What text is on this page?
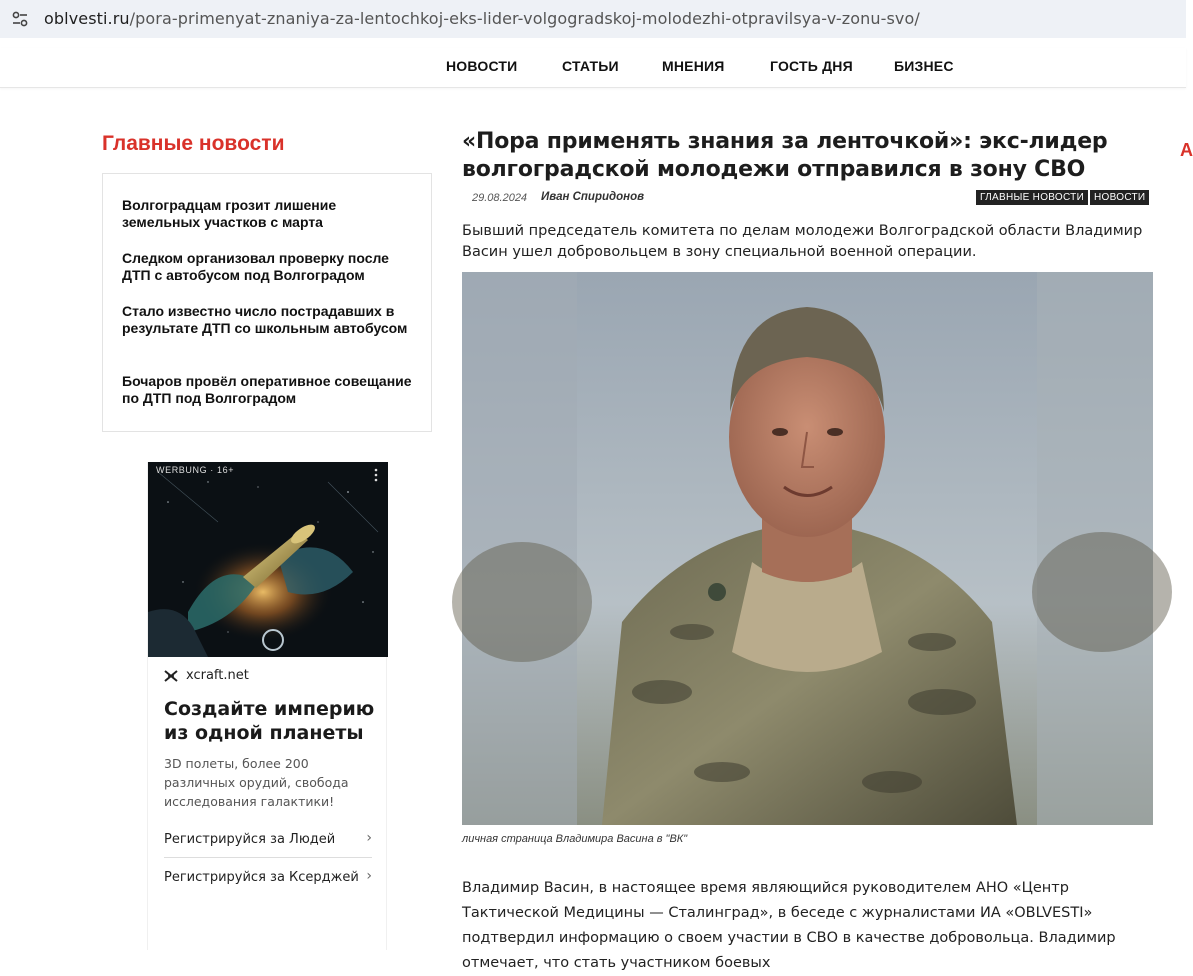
oblvesti.ru/pora-primenyat-znaniya-za-lentochkoj-eks-lider-volgogradskoj-molodezhi-otpravilsya-v-zonu-svo/
НОВОСТИ	СТАТЬИ	МНЕНИЯ	ГОСТЬ ДНЯ	БИЗНЕС
Главные новости
Волгоградцам грозит лишение земельных участков с марта
Следком организовал проверку после ДТП с автобусом под Волгоградом
Стало известно число пострадавших в результате ДТП со школьным автобусом
Бочаров провёл оперативное совещание по ДТП под Волгоградом
WERBUNG · 16+
xcraft.net
Создайте империю из одной планеты
3D полеты, более 200 различных орудий, свобода исследования галактики!
Регистрируйся за Людей ›
Регистрируйся за Ксерджей ›
«Пора применять знания за ленточкой»: экс-лидер волгоградской молодежи отправился в зону СВО
29.08.2024 Иван Спиридонов	ГЛАВНЫЕ НОВОСТИ НОВОСТИ

Бывший председатель комитета по делам молодежи Волгоградской области Владимир Васин ушел добровольцем в зону специальной военной операции.

личная страница Владимира Васина в "ВК"

Владимир Васин, в настоящее время являющийся руководителем АНО «Центр Тактической Медицины — Сталинград», в беседе с журналистами ИА «OBLVESTI» подтвердил информацию о своем участии в СВО в качестве добровольца. Владимир отмечает, что стать участником боевых

A
